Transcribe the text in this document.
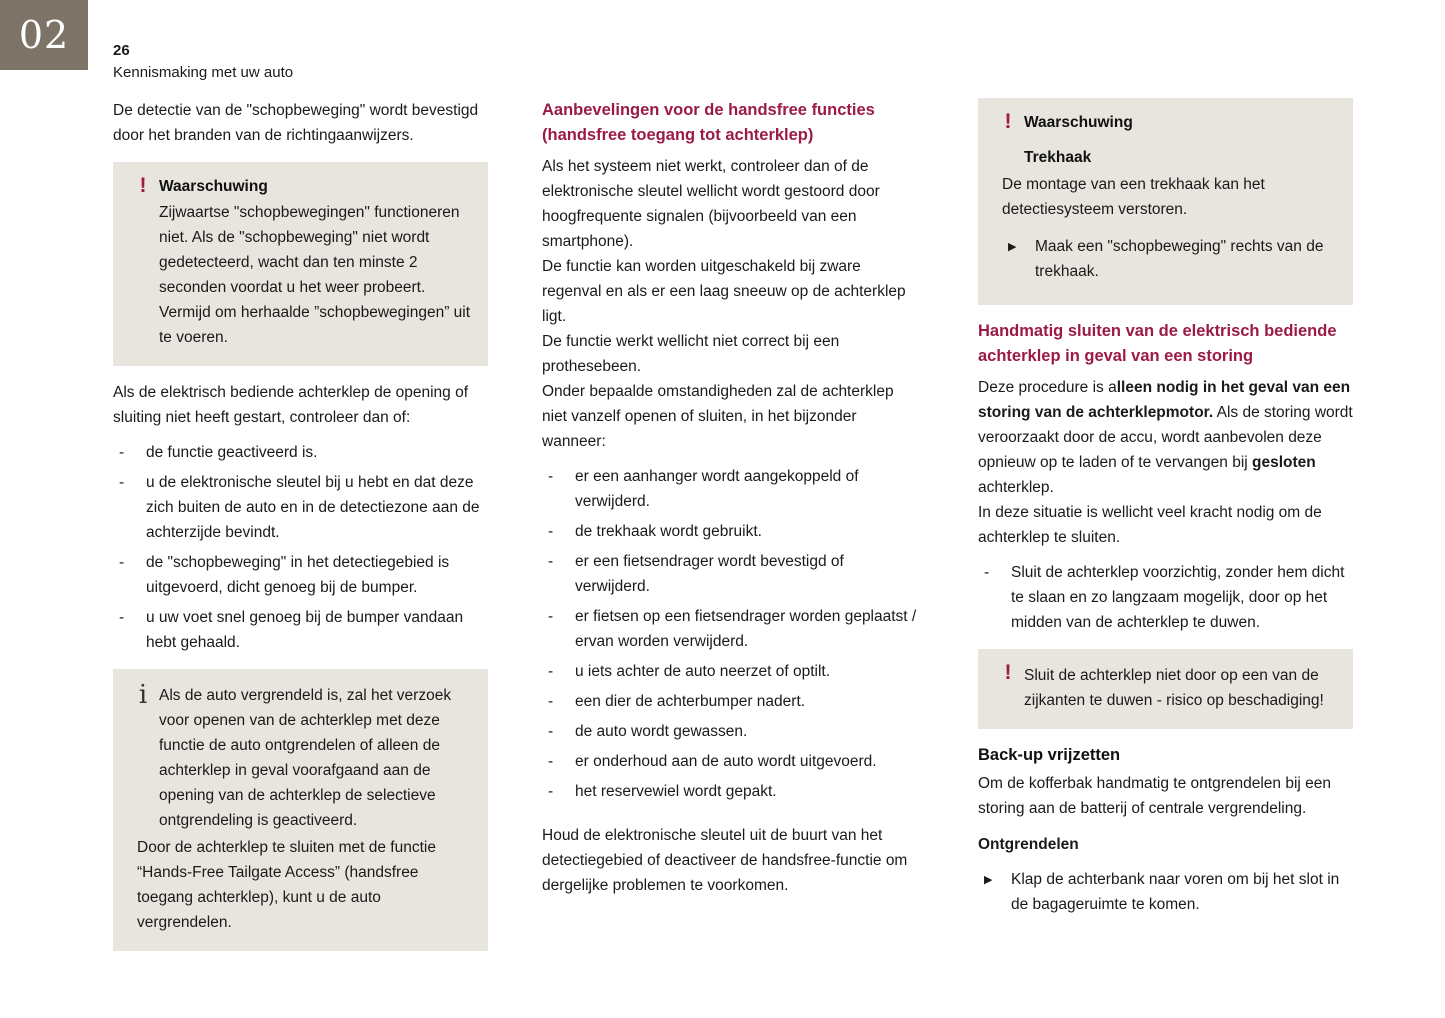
02	26
Kennismaking met uw auto

De detectie van de "schopbeweging" wordt bevestigd door het branden van de richtingaanwijzers.

! Waarschuwing
Zijwaartse "schopbewegingen" functioneren niet. Als de "schopbeweging" niet wordt gedetecteerd, wacht dan ten minste 2 seconden voordat u het weer probeert. Vermijd om herhaalde ”schopbewegingen” uit te voeren.

Als de elektrisch bediende achterklep de opening of sluiting niet heeft gestart, controleer dan of:

- de functie geactiveerd is.
- u de elektronische sleutel bij u hebt en dat deze zich buiten de auto en in de detectiezone aan de achterzijde bevindt.
- de "schopbeweging" in het detectiegebied is uitgevoerd, dicht genoeg bij de bumper.
- u uw voet snel genoeg bij de bumper vandaan hebt gehaald.
i Als de auto vergrendeld is, zal het verzoek voor openen van de achterklep met deze functie de auto ontgrendelen of alleen de achterklep in geval voorafgaand aan de opening van de achterklep de selectieve ontgrendeling is geactiveerd.
Door de achterklep te sluiten met de functie “Hands-Free Tailgate Access” (handsfree toegang achterklep), kunt u de auto vergrendelen.
Aanbevelingen voor de handsfree functies (handsfree toegang tot achterklep)

Als het systeem niet werkt, controleer dan of de elektronische sleutel wellicht wordt gestoord door hoogfrequente signalen (bijvoorbeeld van een smartphone).

De functie kan worden uitgeschakeld bij zware regenval en als er een laag sneeuw op de achterklep ligt.

De functie werkt wellicht niet correct bij een prothesebeen.

Onder bepaalde omstandigheden zal de achterklep niet vanzelf openen of sluiten, in het bijzonder wanneer:

- er een aanhanger wordt aangekoppeld of verwijderd.
- de trekhaak wordt gebruikt.
- er een fietsendrager wordt bevestigd of verwijderd.
- er fietsen op een fietsendrager worden geplaatst / ervan worden verwijderd.
- u iets achter de auto neerzet of optilt.
- een dier de achterbumper nadert.
- de auto wordt gewassen.
- er onderhoud aan de auto wordt uitgevoerd.
- het reservewiel wordt gepakt.

Houd de elektronische sleutel uit de buurt van het detectiegebied of deactiveer de handsfree-functie om dergelijke problemen te voorkomen.

! Waarschuwing
Trekhaak
De montage van een trekhaak kan het detectiesysteem verstoren.
▶ Maak een "schopbeweging" rechts van de trekhaak.
Handmatig sluiten van de elektrisch bediende achterklep in geval van een storing

Deze procedure is alleen nodig in het geval van een storing van de achterklepmotor. Als de storing wordt veroorzaakt door de accu, wordt aanbevolen deze opnieuw op te laden of te vervangen bij gesloten achterklep.

In deze situatie is wellicht veel kracht nodig om de achterklep te sluiten.

- Sluit de achterklep voorzichtig, zonder hem dicht te slaan en zo langzaam mogelijk, door op het midden van de achterklep te duwen.
! Sluit de achterklep niet door op een van de zijkanten te duwen - risico op beschadiging!
Back-up vrijzetten

Om de kofferbak handmatig te ontgrendelen bij een storing aan de batterij of centrale vergrendeling.

Ontgrendelen
▶ Klap de achterbank naar voren om bij het slot in de bagageruimte te komen.
